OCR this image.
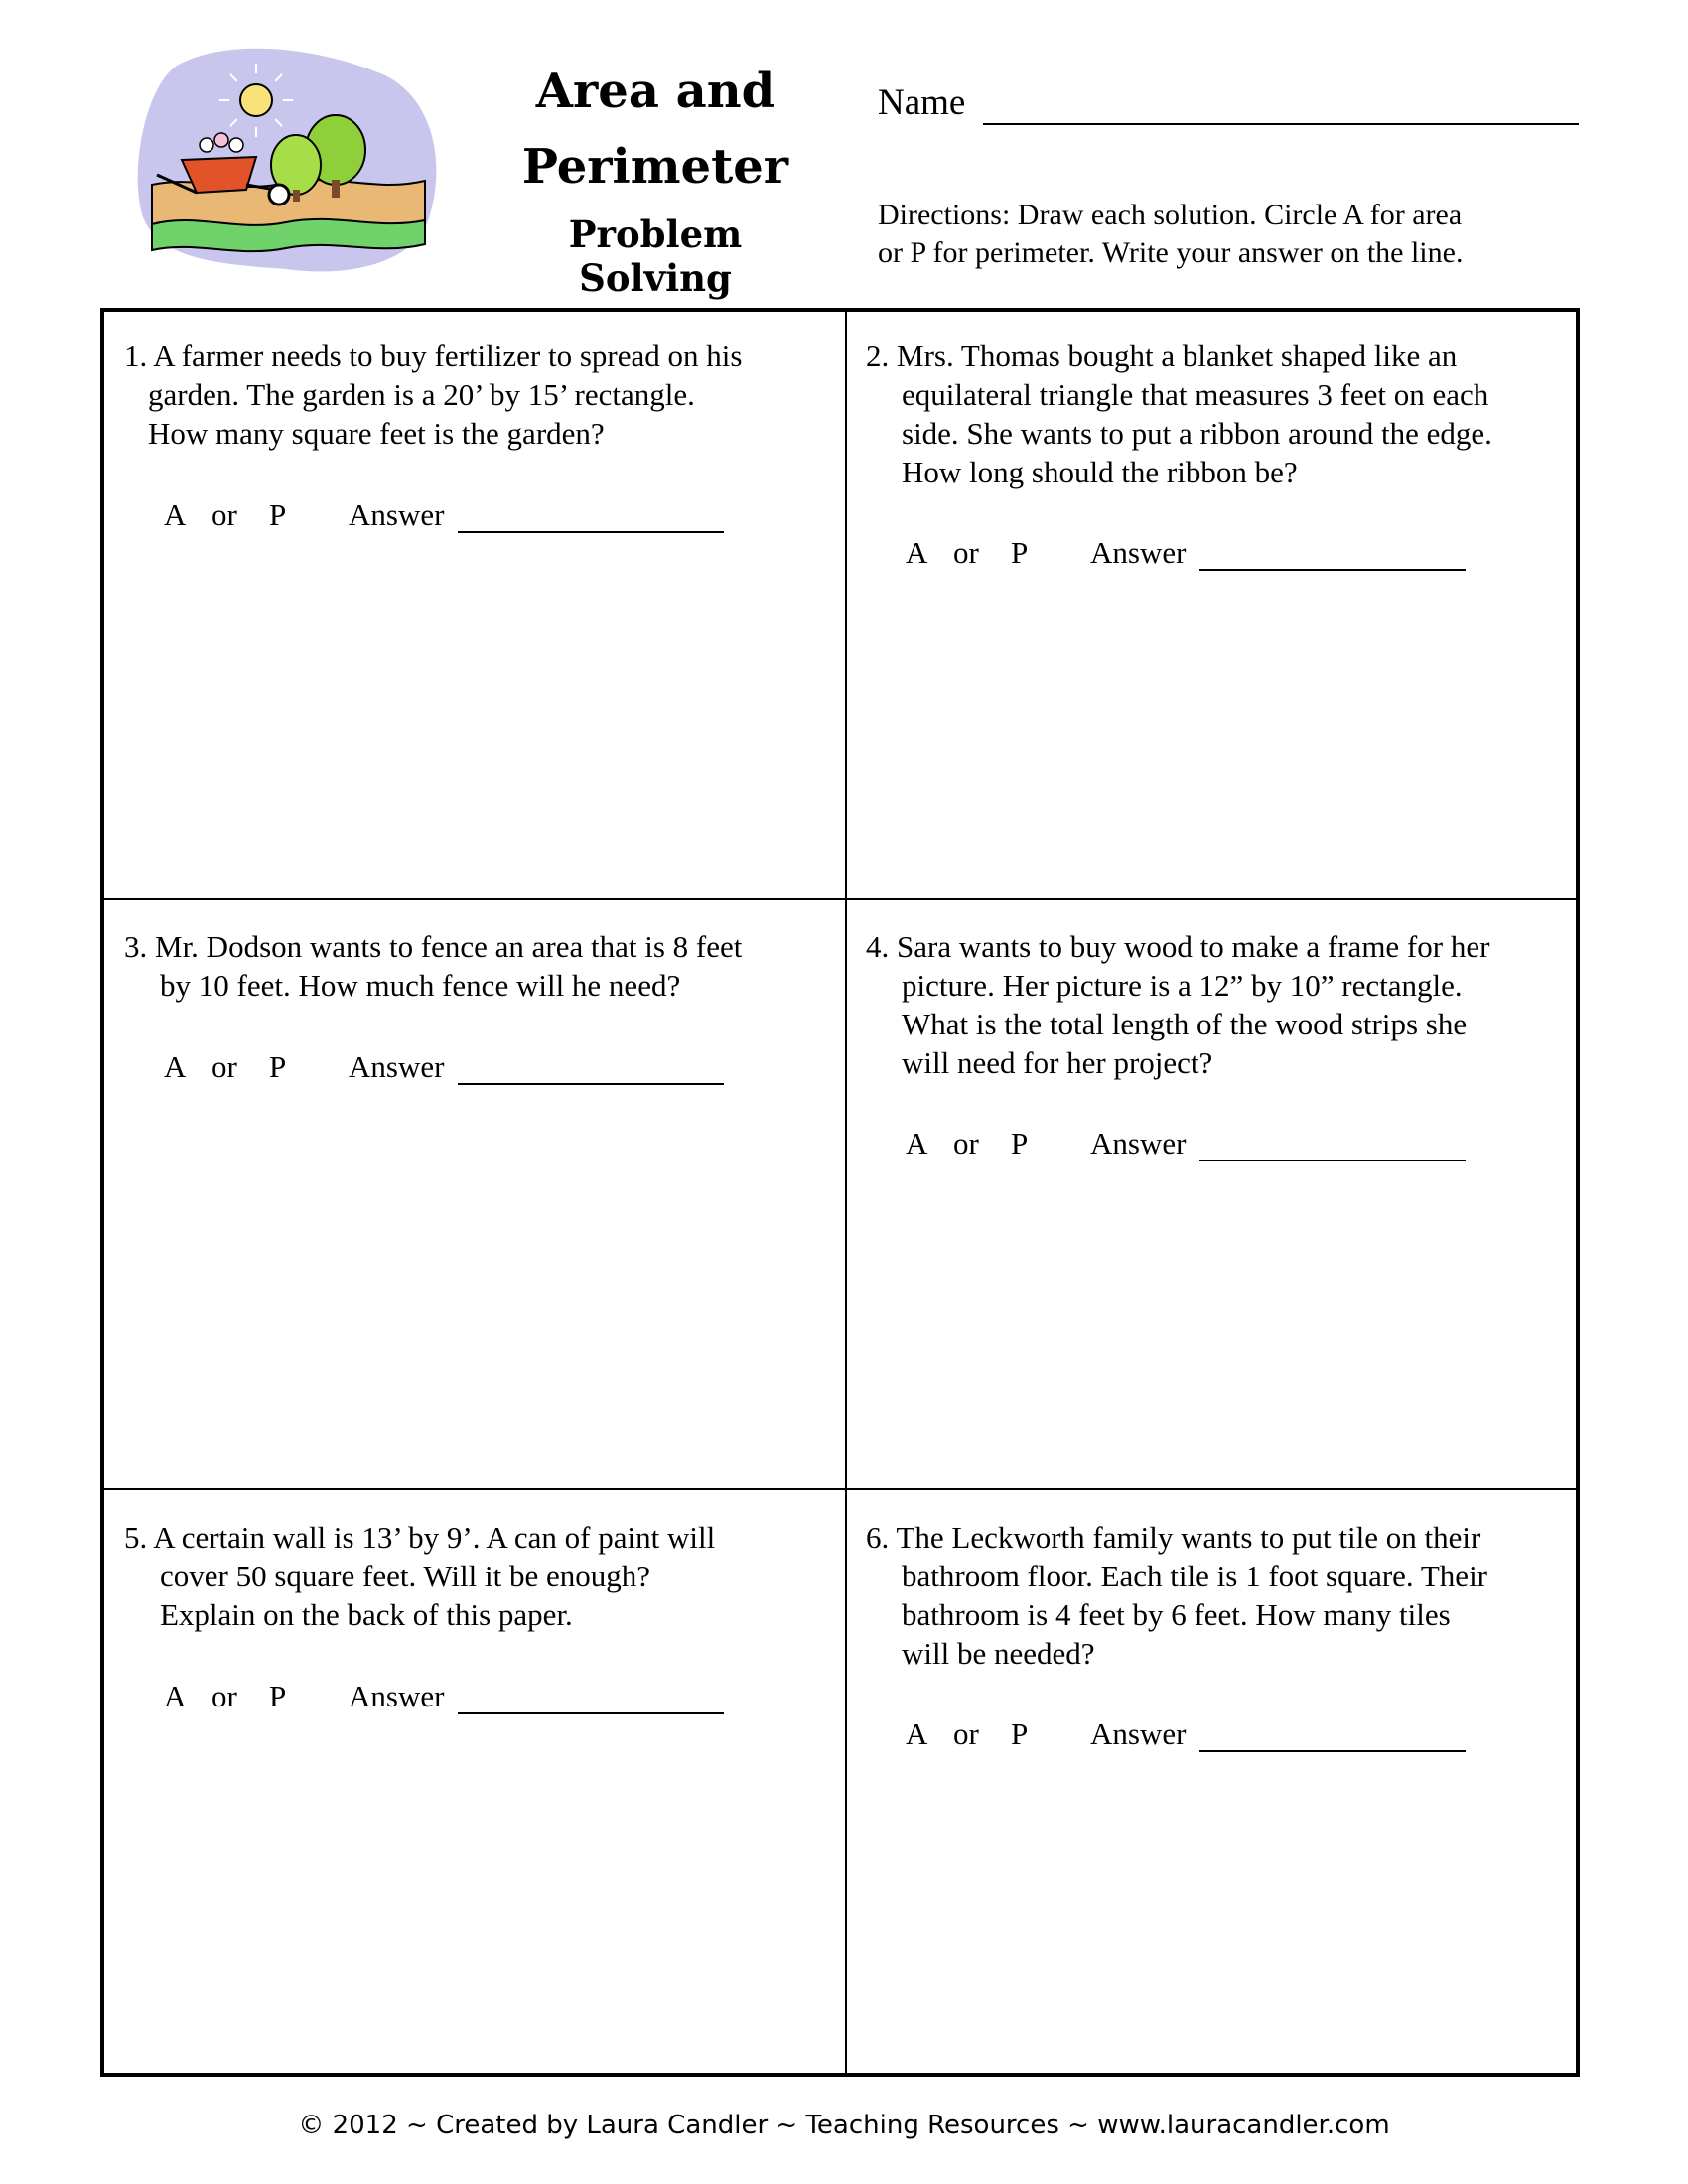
Area and
Perimeter
Problem Solving
Name
Directions: Draw each solution. Circle A for area
or P for perimeter. Write your answer on the line.

1. A farmer needs to buy fertilizer to spread on his
garden. The garden is a 20’ by 15’ rectangle.
How many square feet is the garden?

A or P Answer

2. Mrs. Thomas bought a blanket shaped like an
equilateral triangle that measures 3 feet on each
side. She wants to put a ribbon around the edge.
How long should the ribbon be?

A or P Answer

3. Mr. Dodson wants to fence an area that is 8 feet
by 10 feet. How much fence will he need?

A or P Answer

4. Sara wants to buy wood to make a frame for her
picture. Her picture is a 12” by 10” rectangle.
What is the total length of the wood strips she
will need for her project?

A or P Answer

5. A certain wall is 13’ by 9’. A can of paint will
cover 50 square feet. Will it be enough?
Explain on the back of this paper.

A or P Answer

6. The Leckworth family wants to put tile on their
bathroom floor. Each tile is 1 foot square. Their
bathroom is 4 feet by 6 feet. How many tiles
will be needed?

A or P Answer
© 2012 ~ Created by Laura Candler ~ Teaching Resources ~ www.lauracandler.com
